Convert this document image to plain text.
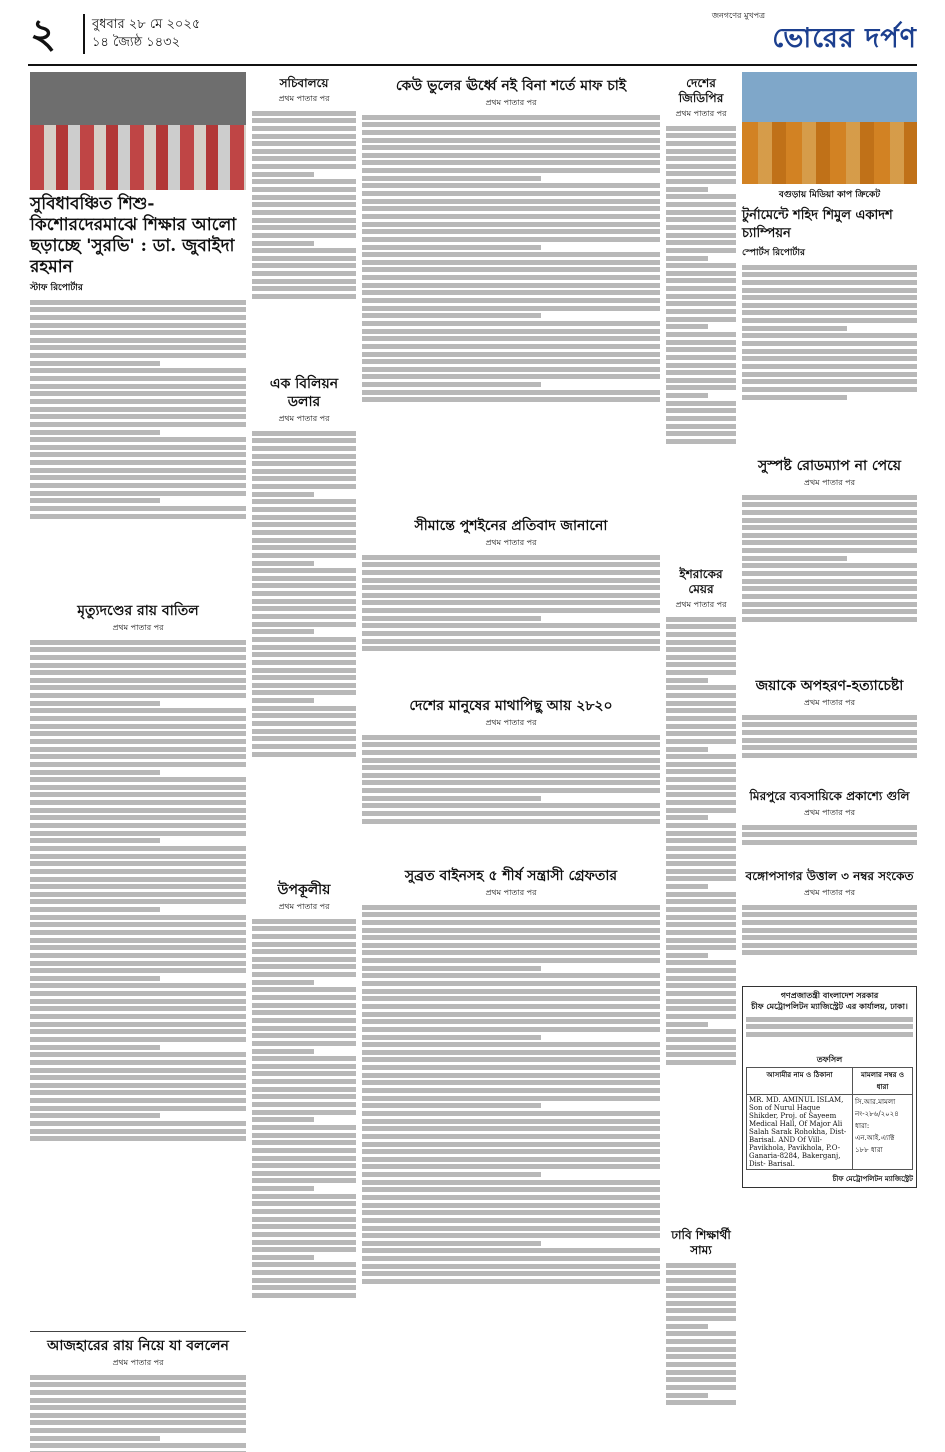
২	বুধবার ২৮ মে ২০২৫
১৪ জ্যৈষ্ঠ ১৪৩২
জনগণের মুখপত্র
ভোরের দর্পণ
সুবিধাবঞ্চিত শিশু-কিশোরদেরমাঝে শিক্ষার আলো ছড়াচ্ছে 'সুরভি' : ডা. জুবাইদা রহমান
স্টাফ রিপোর্টার
মৃত্যুদণ্ডের রায় বাতিল
প্রথম পাতার পর
আজহারের রায় নিয়ে যা বললেন
প্রথম পাতার পর
সচিবালয়ে
প্রথম পাতার পর
এক বিলিয়ন ডলার
প্রথম পাতার পর
উপকূলীয়
প্রথম পাতার পর
কেউ ভুলের ঊর্ধ্বে নই বিনা শর্তে মাফ চাই
প্রথম পাতার পর
সীমান্তে পুশইনের প্রতিবাদ জানানো
প্রথম পাতার পর
দেশের মানুষের মাথাপিছু আয় ২৮২০
প্রথম পাতার পর
সুব্রত বাইনসহ ৫ শীর্ষ সন্ত্রাসী গ্রেফতার
প্রথম পাতার পর
দেশের জিডিপির
প্রথম পাতার পর
ইশরাকের মেয়র
প্রথম পাতার পর
ঢাবি শিক্ষার্থী সাম্য
বগুড়ায় মিডিয়া কাপ ক্রিকেট
টুর্নামেন্টে শহিদ শিমুল একাদশ চ্যাম্পিয়ন
স্পোর্টস রিপোর্টার
সুস্পষ্ট রোডম্যাপ না পেয়ে
প্রথম পাতার পর
জয়াকে অপহরণ-হত্যাচেষ্টা
প্রথম পাতার পর
মিরপুরে ব্যবসায়িকে প্রকাশ্যে গুলি
প্রথম পাতার পর
বঙ্গোপসাগর উত্তাল ৩ নম্বর সংকেত
প্রথম পাতার পর
গণপ্রজাতন্ত্রী বাংলাদেশ সরকার
চীফ মেট্রোপলিটন ম্যাজিস্ট্রেট এর কার্যালয়, ঢাকা।
তফসিল
আসামীর নাম ও ঠিকানা	মামলার নম্বর ও ধারা
MR. MD. AMINUL ISLAM, Son of Nurul Haque Shikder, Proj. of Sayeem Medical Hall, Of Major Ali Salah Sarak Rohokha, Dist- Barisal. AND Of Vill- Pavikhola, Pavikhola, P.O- Ganaria-8284, Bakerganj, Dist- Barisal.	সি.আর.মামলা নং-২৮৬/২০২৪ ধারা: এন.আই.এ্যাক্ট ১৮৮ ধারা
চীফ মেট্রোপলিটন ম্যাজিস্ট্রেট
